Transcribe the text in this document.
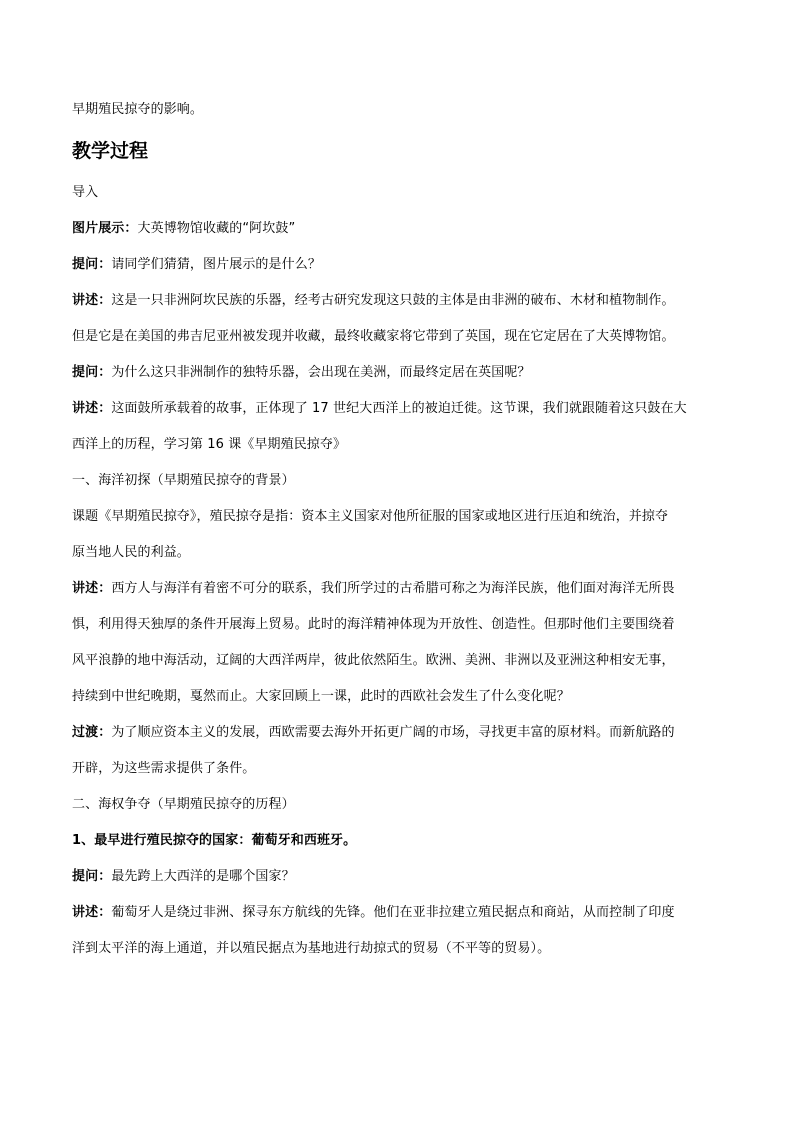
早期殖民掠夺的影响。
教学过程
导入
图片展示：大英博物馆收藏的“阿坎鼓”
提问：请同学们猜猜，图片展示的是什么？
讲述：这是一只非洲阿坎民族的乐器，经考古研究发现这只鼓的主体是由非洲的破布、木材和植物制作。
但是它是在美国的弗吉尼亚州被发现并收藏，最终收藏家将它带到了英国，现在它定居在了大英博物馆。
提问：为什么这只非洲制作的独特乐器，会出现在美洲，而最终定居在英国呢？
讲述：这面鼓所承载着的故事，正体现了 17 世纪大西洋上的被迫迁徙。这节课，我们就跟随着这只鼓在大
西洋上的历程，学习第 16 课《早期殖民掠夺》
一、海洋初探（早期殖民掠夺的背景）
课题《早期殖民掠夺》，殖民掠夺是指：资本主义国家对他所征服的国家或地区进行压迫和统治，并掠夺
原当地人民的利益。
讲述：西方人与海洋有着密不可分的联系，我们所学过的古希腊可称之为海洋民族，他们面对海洋无所畏
惧，利用得天独厚的条件开展海上贸易。此时的海洋精神体现为开放性、创造性。但那时他们主要围绕着
风平浪静的地中海活动，辽阔的大西洋两岸，彼此依然陌生。欧洲、美洲、非洲以及亚洲这种相安无事，
持续到中世纪晚期，戛然而止。大家回顾上一课，此时的西欧社会发生了什么变化呢？
过渡：为了顺应资本主义的发展，西欧需要去海外开拓更广阔的市场，寻找更丰富的原材料。而新航路的
开辟，为这些需求提供了条件。
二、海权争夺（早期殖民掠夺的历程）
1、最早进行殖民掠夺的国家：葡萄牙和西班牙。
提问：最先跨上大西洋的是哪个国家？
讲述：葡萄牙人是绕过非洲、探寻东方航线的先锋。他们在亚非拉建立殖民据点和商站，从而控制了印度
洋到太平洋的海上通道，并以殖民据点为基地进行劫掠式的贸易（不平等的贸易）。
